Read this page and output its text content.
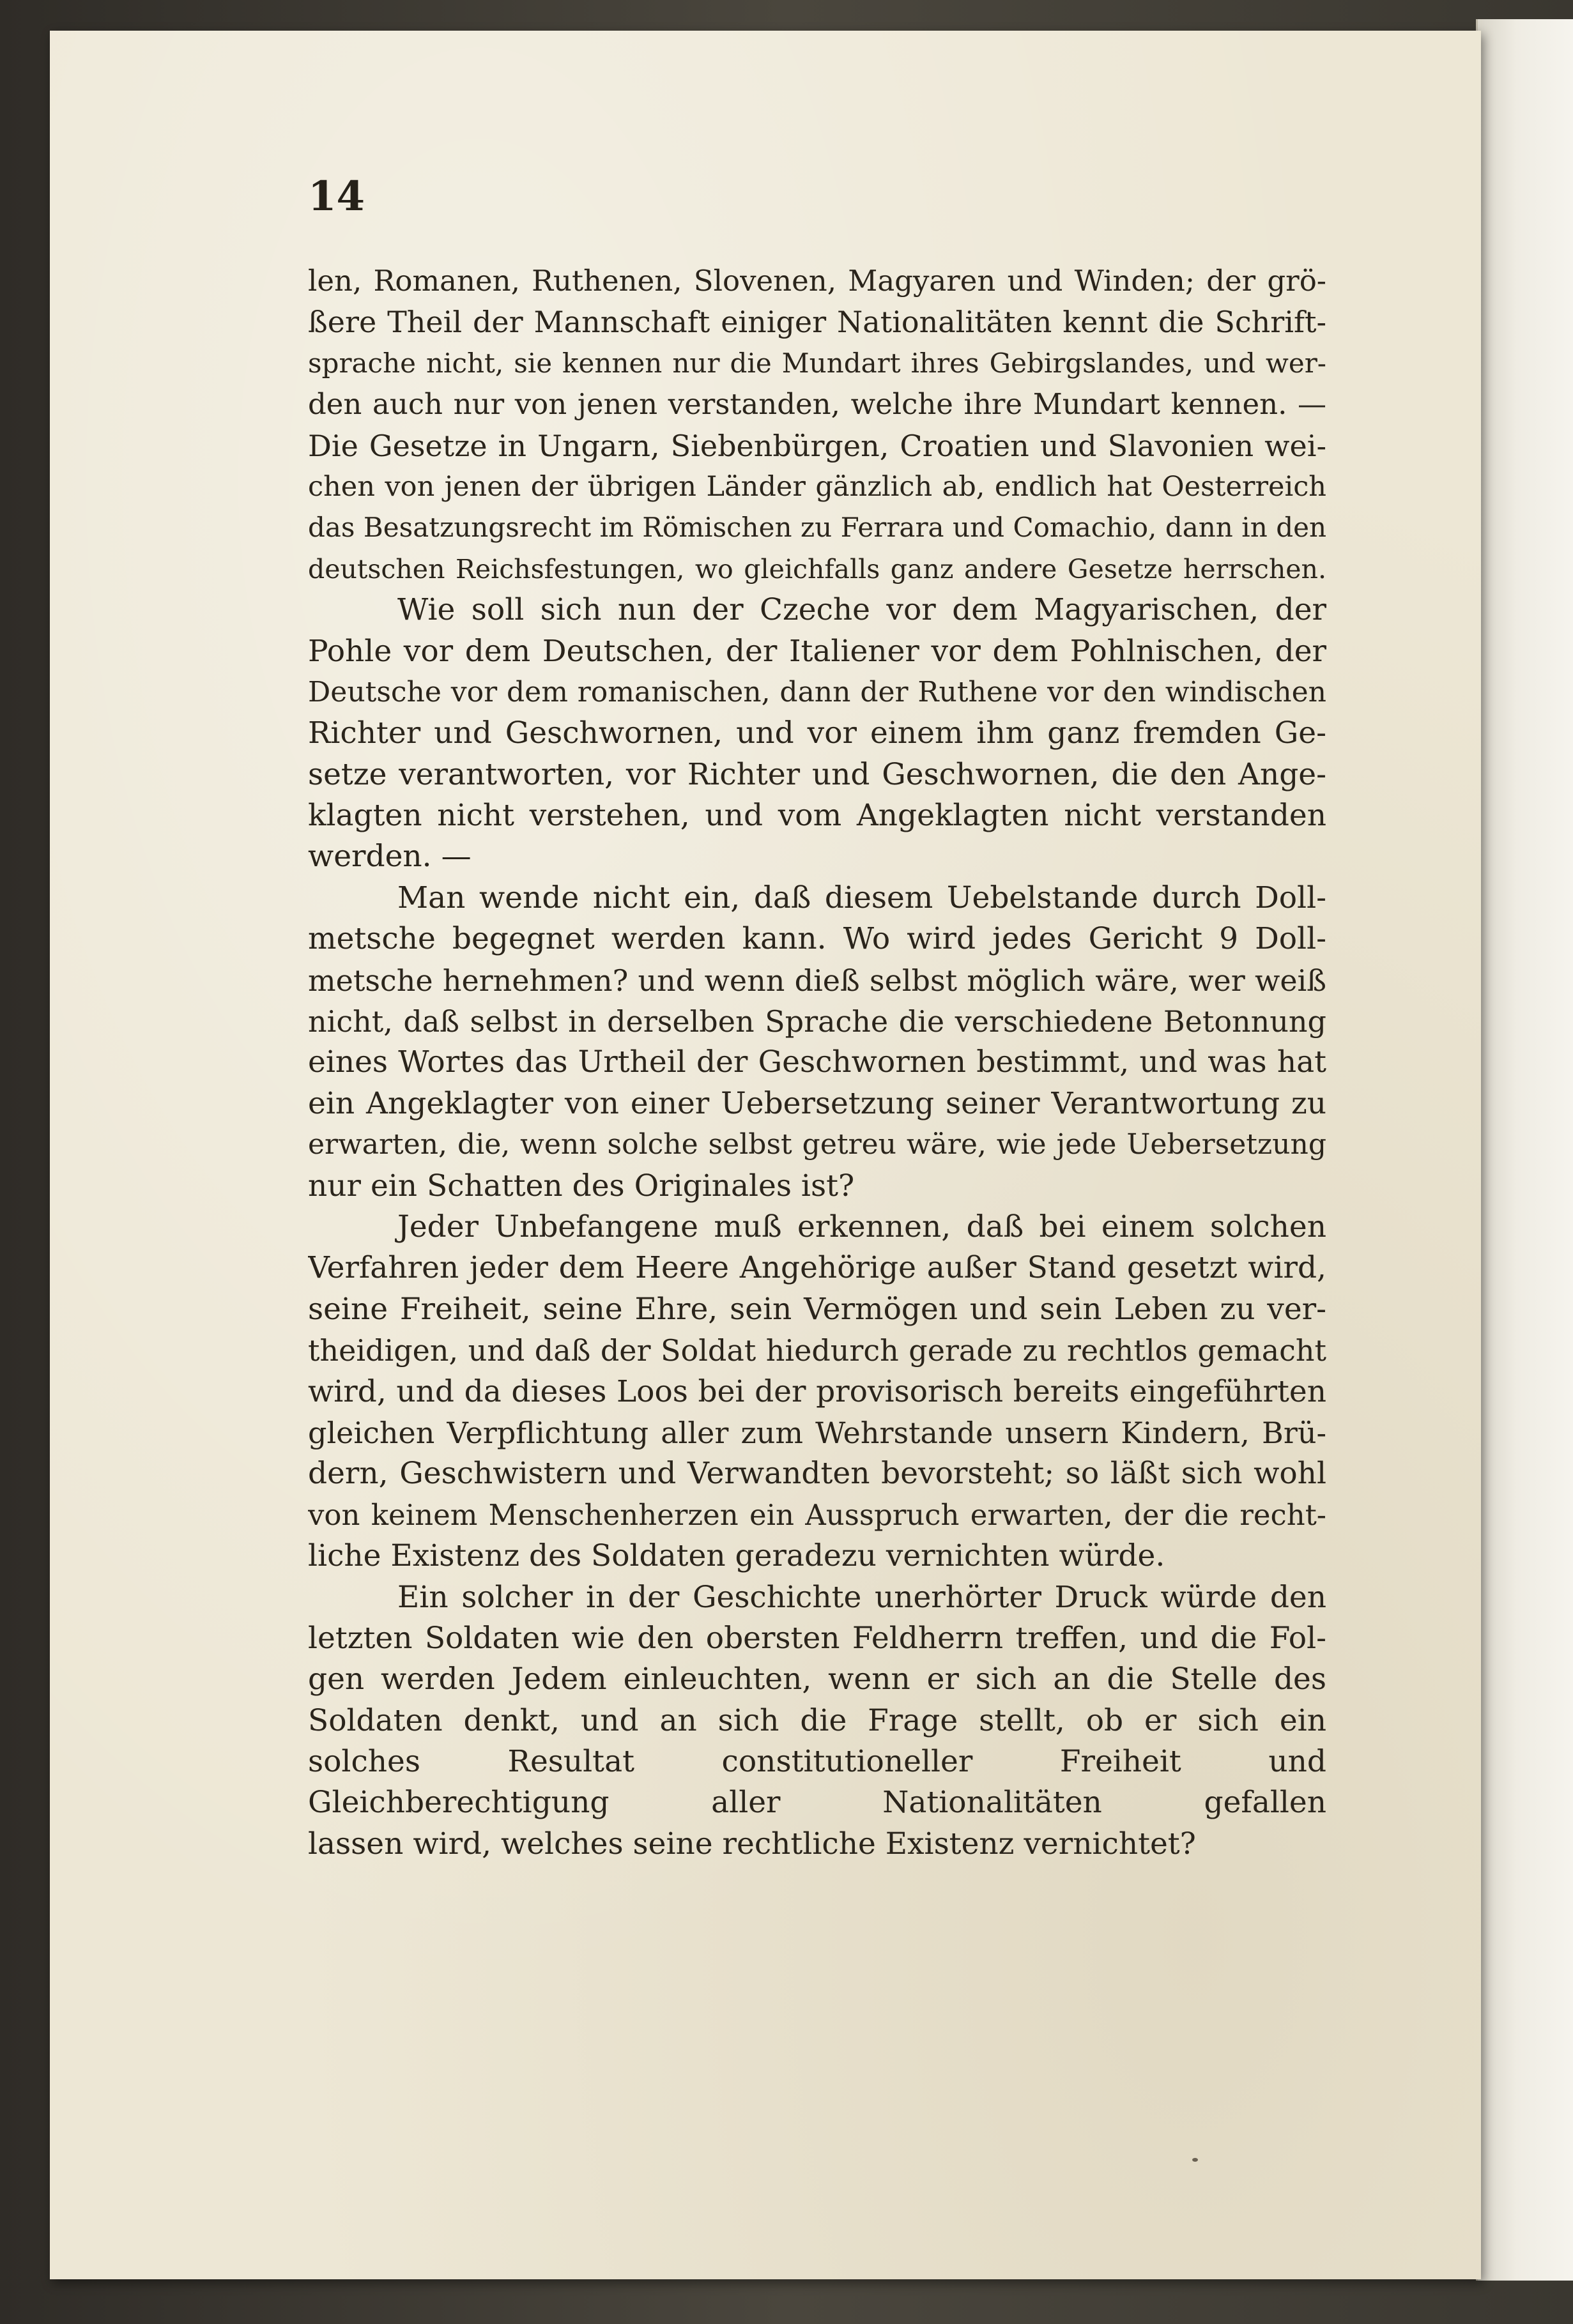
14
len, Romanen, Ruthenen, Slovenen, Magyaren und Winden; der grö-
ßere Theil der Mannschaft einiger Nationalitäten kennt die Schrift-
sprache nicht, sie kennen nur die Mundart ihres Gebirgslandes, und wer-
den auch nur von jenen verstanden, welche ihre Mundart kennen. —
Die Gesetze in Ungarn, Siebenbürgen, Croatien und Slavonien wei-
chen von jenen der übrigen Länder gänzlich ab, endlich hat Oesterreich
das Besatzungsrecht im Römischen zu Ferrara und Comachio, dann in den
deutschen Reichsfestungen, wo gleichfalls ganz andere Gesetze herrschen.
Wie soll sich nun der Czeche vor dem Magyarischen, der
Pohle vor dem Deutschen, der Italiener vor dem Pohlnischen, der
Deutsche vor dem romanischen, dann der Ruthene vor den windischen
Richter und Geschwornen, und vor einem ihm ganz fremden Ge-
setze verantworten, vor Richter und Geschwornen, die den Ange-
klagten nicht verstehen, und vom Angeklagten nicht verstanden
werden. —
Man wende nicht ein, daß diesem Uebelstande durch Doll-
metsche begegnet werden kann. Wo wird jedes Gericht 9 Doll-
metsche hernehmen? und wenn dieß selbst möglich wäre, wer weiß
nicht, daß selbst in derselben Sprache die verschiedene Betonnung
eines Wortes das Urtheil der Geschwornen bestimmt, und was hat
ein Angeklagter von einer Uebersetzung seiner Verantwortung zu
erwarten, die, wenn solche selbst getreu wäre, wie jede Uebersetzung
nur ein Schatten des Originales ist?
Jeder Unbefangene muß erkennen, daß bei einem solchen
Verfahren jeder dem Heere Angehörige außer Stand gesetzt wird,
seine Freiheit, seine Ehre, sein Vermögen und sein Leben zu ver-
theidigen, und daß der Soldat hiedurch gerade zu rechtlos gemacht
wird, und da dieses Loos bei der provisorisch bereits eingeführten
gleichen Verpflichtung aller zum Wehrstande unsern Kindern, Brü-
dern, Geschwistern und Verwandten bevorsteht; so läßt sich wohl
von keinem Menschenherzen ein Ausspruch erwarten, der die recht-
liche Existenz des Soldaten geradezu vernichten würde.
Ein solcher in der Geschichte unerhörter Druck würde den
letzten Soldaten wie den obersten Feldherrn treffen, und die Fol-
gen werden Jedem einleuchten, wenn er sich an die Stelle des
Soldaten denkt, und an sich die Frage stellt, ob er sich ein
solches Resultat constitutioneller Freiheit und
Gleichberechtigung aller Nationalitäten gefallen
lassen wird, welches seine rechtliche Existenz vernichtet?
